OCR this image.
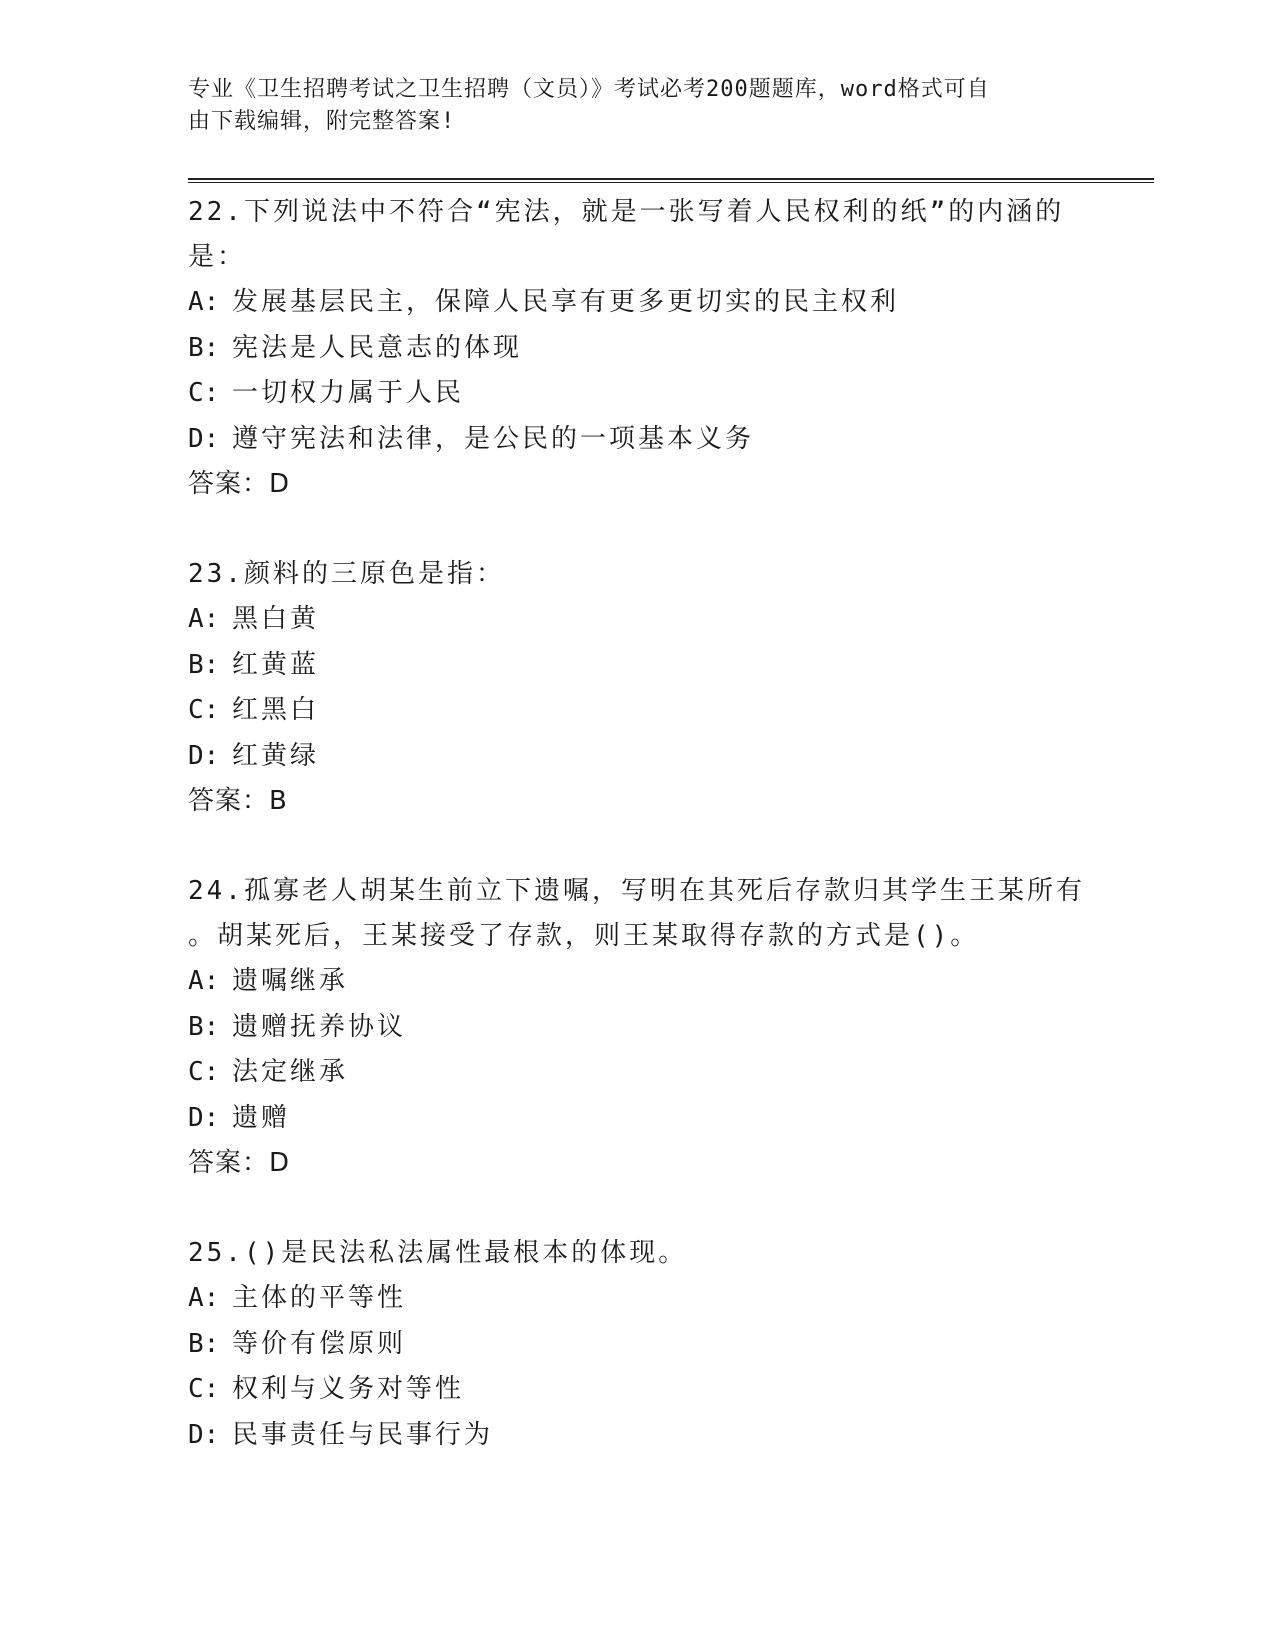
专业《卫生招聘考试之卫生招聘（文员）》考试必考200题题库，word格式可自
由下载编辑，附完整答案!

22.下列说法中不符合“宪法，就是一张写着人民权利的纸”的内涵的
是：

A: 发展基层民主，保障人民享有更多更切实的民主权利
B: 宪法是人民意志的体现
C: 一切权力属于人民
D: 遵守宪法和法律，是公民的一项基本义务

答案：D

23.颜料的三原色是指：

A: 黑白黄
B: 红黄蓝
C: 红黑白
D: 红黄绿

答案：B

24.孤寡老人胡某生前立下遗嘱，写明在其死后存款归其学生王某所有
。胡某死后，王某接受了存款，则王某取得存款的方式是()。

A: 遗嘱继承
B: 遗赠抚养协议
C: 法定继承
D: 遗赠

答案：D

25.()是民法私法属性最根本的体现。

A: 主体的平等性
B: 等价有偿原则
C: 权利与义务对等性
D: 民事责任与民事行为
